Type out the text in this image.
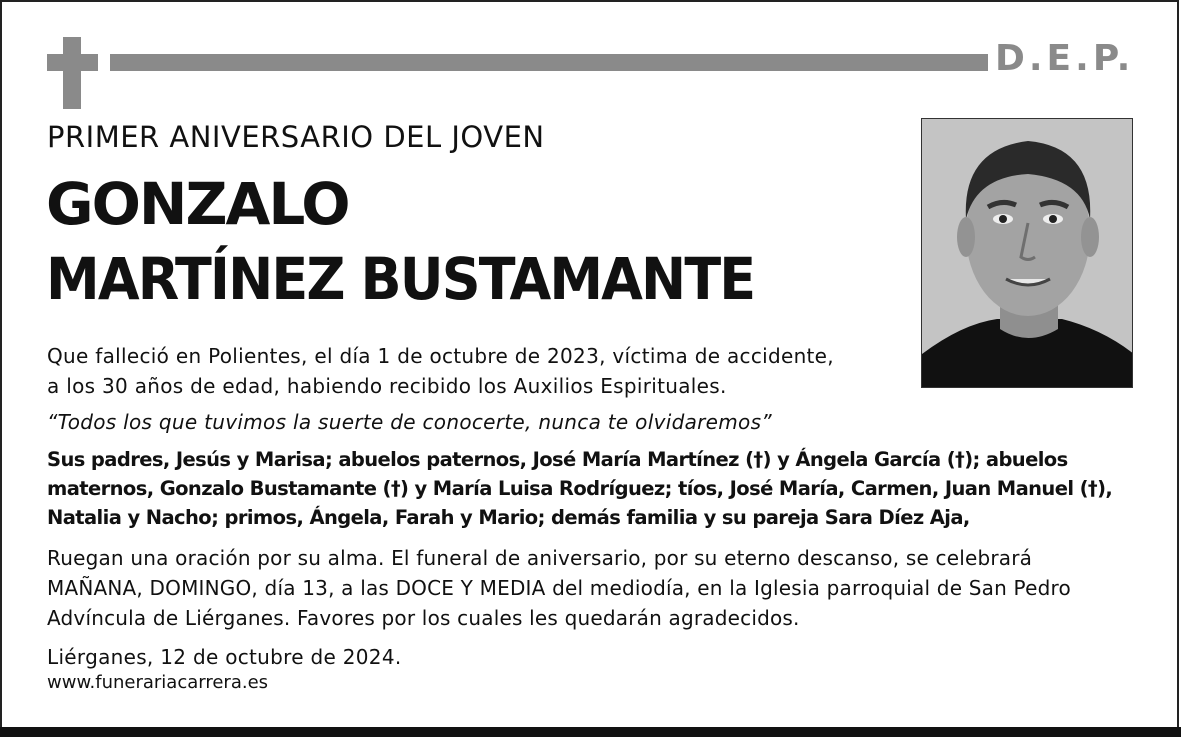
D.E.P.
PRIMER ANIVERSARIO DEL JOVEN
GONZALO
MARTÍNEZ BUSTAMANTE
Que falleció en Polientes, el día 1 de octubre de 2023, víctima de accidente,
a los 30 años de edad, habiendo recibido los Auxilios Espirituales.
“Todos los que tuvimos la suerte de conocerte, nunca te olvidaremos”
Sus padres, Jesús y Marisa; abuelos paternos, José María Martínez (†) y Ángela García (†); abuelos
maternos, Gonzalo Bustamante (†) y María Luisa Rodríguez; tíos, José María, Carmen, Juan Manuel (†),
Natalia y Nacho; primos, Ángela, Farah y Mario; demás familia y su pareja Sara Díez Aja,
Ruegan una oración por su alma. El funeral de aniversario, por su eterno descanso, se celebrará
MAÑANA, DOMINGO, día 13, a las DOCE Y MEDIA del mediodía, en la Iglesia parroquial de San Pedro
Advíncula de Liérganes. Favores por los cuales les quedarán agradecidos.
Liérganes, 12 de octubre de 2024.
www.funerariacarrera.es
